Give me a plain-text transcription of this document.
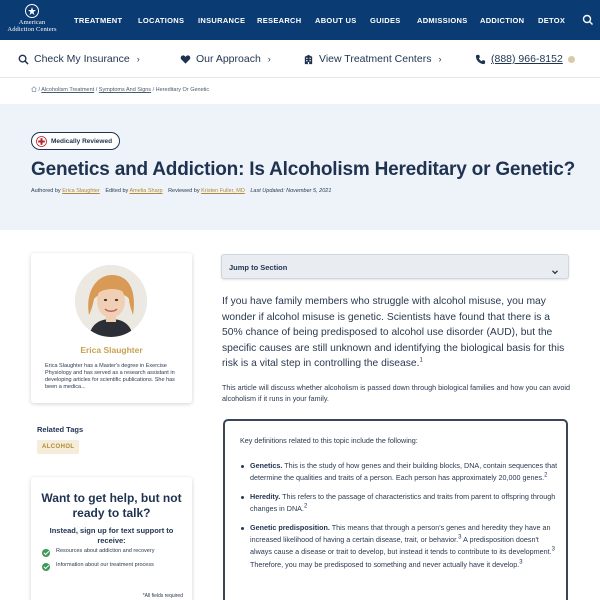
American
Addiction Centers
TREATMENT LOCATIONS INSURANCE RESEARCH ABOUT US GUIDES ADMISSIONS ADDICTION DETOX
Check My Insurance ›	Our Approach ›	View Treatment Centers ›	(888) 966-8152
/ Alcoholism Treatment / Symptoms And Signs / Hereditary Or Genetic
Medically Reviewed
Genetics and Addiction: Is Alcoholism Hereditary or Genetic?
Authored by Erica Slaughter Edited by Amelia Sharp Reviewed by Kristen Fuller, MD Last Updated: November 5, 2021
Erica Slaughter

Erica Slaughter has a Master's degree in Exercise Physiology and has served as a research assistant in developing articles for scientific publications. She has been a medica...

Related Tags
ALCOHOL
Want to get help, but not ready to talk?
Instead, sign up for text support to receive:
Resources about addiction and recovery
Information about our treatment process
*All fields required
Jump to Section

If you have family members who struggle with alcohol misuse, you may wonder if alcohol misuse is genetic. Scientists have found that there is a 50% chance of being predisposed to alcohol use disorder (AUD), but the specific causes are still unknown and identifying the biological basis for this risk is a vital step in controlling the disease.$^1$

This article will discuss whether alcoholism is passed down through biological families and how you can avoid alcoholism if it runs in your family.

Key definitions related to this topic include the following:
Genetics. This is the study of how genes and their building blocks, DNA, contain sequences that determine the qualities and traits of a person. Each person has approximately 20,000 genes.$^2$
Heredity. This refers to the passage of characteristics and traits from parent to offspring through changes in DNA.$^2$
Genetic predisposition. This means that through a person's genes and heredity they have an increased likelihood of having a certain disease, trait, or behavior.$^3$ A predisposition doesn't always cause a disease or trait to develop, but instead it tends to contribute to its development.$^3$ Therefore, you may be predisposed to something and never actually have it develop.$^3$
